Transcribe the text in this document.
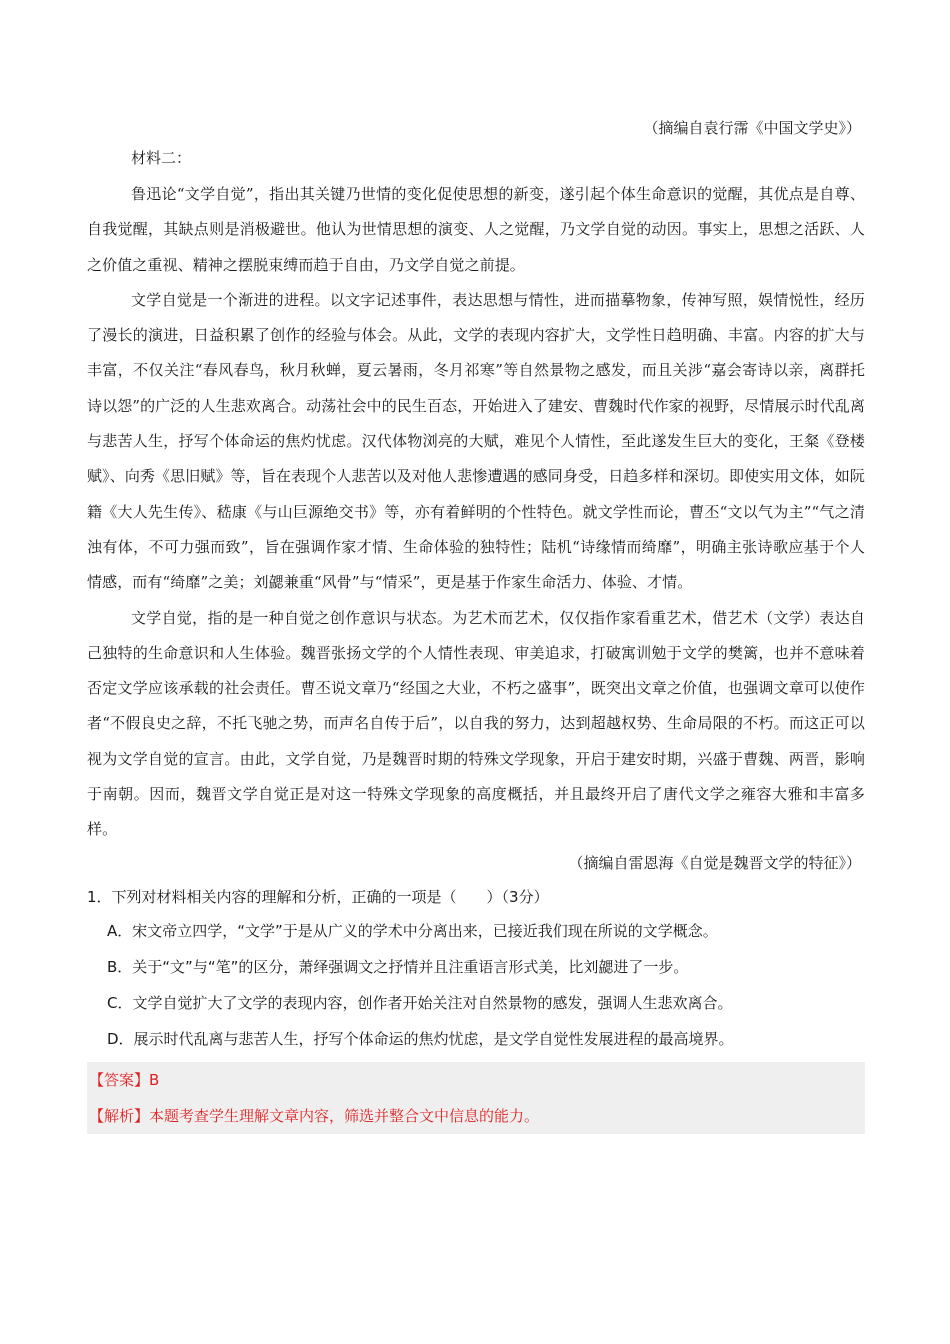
（摘编自袁行霈《中国文学史》）
材料二：

鲁迅论“文学自觉”，指出其关键乃世情的变化促使思想的新变，遂引起个体生命意识的觉醒，其优点是自尊、自我觉醒，其缺点则是消极避世。他认为世情思想的演变、人之觉醒，乃文学自觉的动因。事实上，思想之活跃、人之价值之重视、精神之摆脱束缚而趋于自由，乃文学自觉之前提。

文学自觉是一个渐进的进程。以文字记述事件，表达思想与情性，进而描摹物象，传神写照，娱情悦性，经历了漫长的演进，日益积累了创作的经验与体会。从此，文学的表现内容扩大，文学性日趋明确、丰富。内容的扩大与丰富，不仅关注“春风春鸟，秋月秋蝉，夏云暑雨，冬月祁寒”等自然景物之感发，而且关涉“嘉会寄诗以亲，离群托诗以怨”的广泛的人生悲欢离合。动荡社会中的民生百态，开始进入了建安、曹魏时代作家的视野，尽情展示时代乱离与悲苦人生，抒写个体命运的焦灼忧虑。汉代体物浏亮的大赋，难见个人情性，至此遂发生巨大的变化，王粲《登楼赋》、向秀《思旧赋》等，旨在表现个人悲苦以及对他人悲惨遭遇的感同身受，日趋多样和深切。即使实用文体，如阮籍《大人先生传》、嵇康《与山巨源绝交书》等，亦有着鲜明的个性特色。就文学性而论，曹丕“文以气为主”“气之清浊有体，不可力强而致”，旨在强调作家才情、生命体验的独特性；陆机“诗缘情而绮靡”，明确主张诗歌应基于个人情感，而有“绮靡”之美；刘勰兼重“风骨”与“情采”，更是基于作家生命活力、体验、才情。

文学自觉，指的是一种自觉之创作意识与状态。为艺术而艺术，仅仅指作家看重艺术，借艺术（文学）表达自己独特的生命意识和人生体验。魏晋张扬文学的个人情性表现、审美追求，打破寓训勉于文学的樊篱，也并不意味着否定文学应该承载的社会责任。曹丕说文章乃“经国之大业，不朽之盛事”，既突出文章之价值，也强调文章可以使作者“不假良史之辞，不托飞驰之势，而声名自传于后”，以自我的努力，达到超越权势、生命局限的不朽。而这正可以视为文学自觉的宣言。由此，文学自觉，乃是魏晋时期的特殊文学现象，开启于建安时期，兴盛于曹魏、两晋，影响于南朝。因而，魏晋文学自觉正是对这一特殊文学现象的高度概括，并且最终开启了唐代文学之雍容大雅和丰富多样。

（摘编自雷恩海《自觉是魏晋文学的特征》）
1．下列对材料相关内容的理解和分析，正确的一项是（　　）（3分）
A．宋文帝立四学，“文学”于是从广义的学术中分离出来，已接近我们现在所说的文学概念。
B．关于“文”与“笔”的区分，萧绎强调文之抒情并且注重语言形式美，比刘勰进了一步。
C．文学自觉扩大了文学的表现内容，创作者开始关注对自然景物的感发，强调人生悲欢离合。
D．展示时代乱离与悲苦人生，抒写个体命运的焦灼忧虑，是文学自觉性发展进程的最高境界。
【答案】B
【解析】本题考查学生理解文章内容，筛选并整合文中信息的能力。
